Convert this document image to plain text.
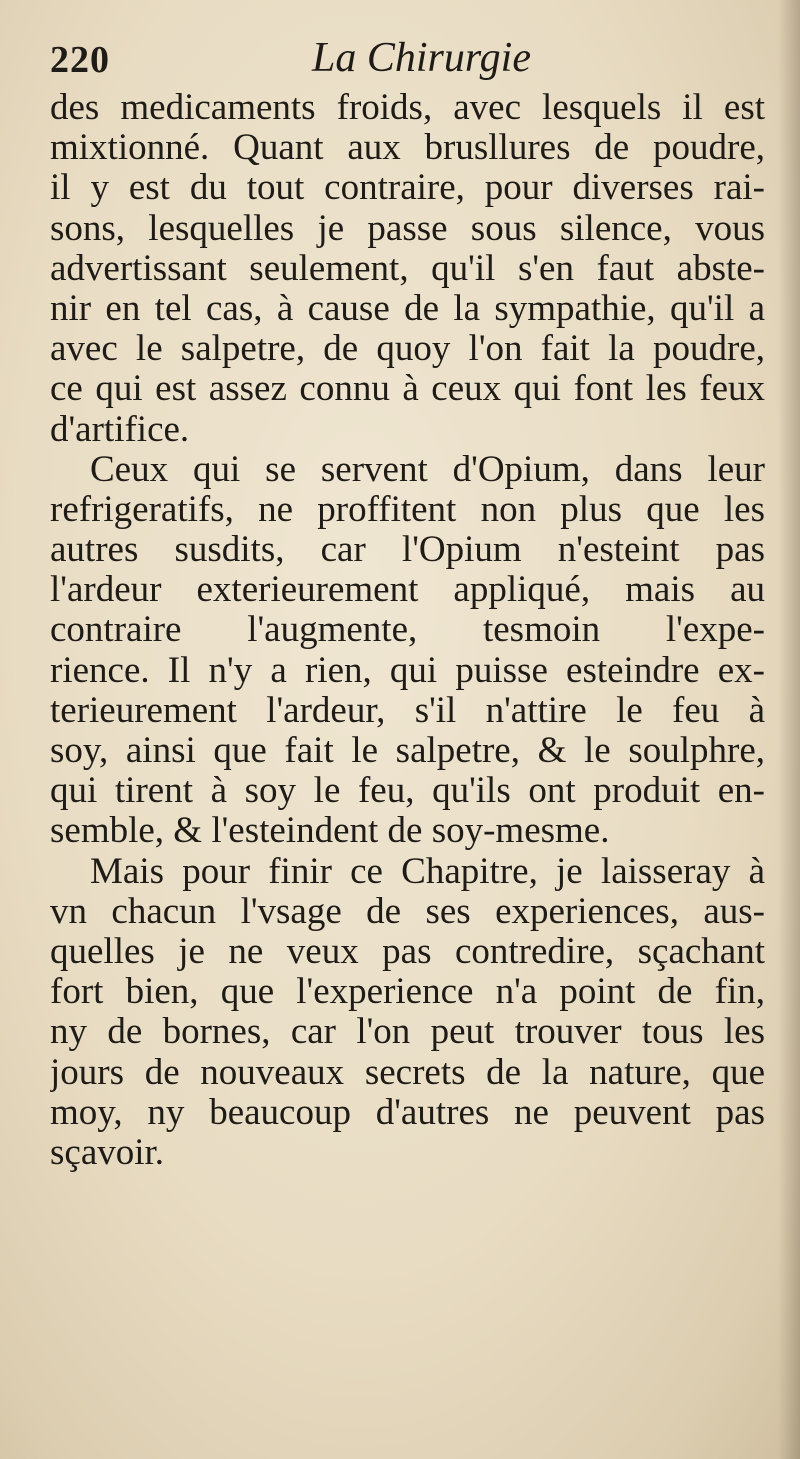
220	La Chirurgie
des medicaments froids, avec lesquels il est
mixtionné. Quant aux brusllures de poudre,
il y est du tout contraire, pour diverses rai-
sons, lesquelles je passe sous silence, vous
advertissant seulement, qu'il s'en faut abste-
nir en tel cas, à cause de la sympathie, qu'il a
avec le salpetre, de quoy l'on fait la poudre,
ce qui est assez connu à ceux qui font les feux
d'artifice.
Ceux qui se servent d'Opium, dans leur
refrigeratifs, ne proffitent non plus que les
autres susdits, car l'Opium n'esteint pas
l'ardeur exterieurement appliqué, mais au
contraire l'augmente, tesmoin l'expe-
rience. Il n'y a rien, qui puisse esteindre ex-
terieurement l'ardeur, s'il n'attire le feu à
soy, ainsi que fait le salpetre, & le soulphre,
qui tirent à soy le feu, qu'ils ont produit en-
semble, & l'esteindent de soy-mesme.
Mais pour finir ce Chapitre, je laisseray à
vn chacun l'vsage de ses experiences, aus-
quelles je ne veux pas contredire, sçachant
fort bien, que l'experience n'a point de fin,
ny de bornes, car l'on peut trouver tous les
jours de nouveaux secrets de la nature, que
moy, ny beaucoup d'autres ne peuvent pas
sçavoir.
